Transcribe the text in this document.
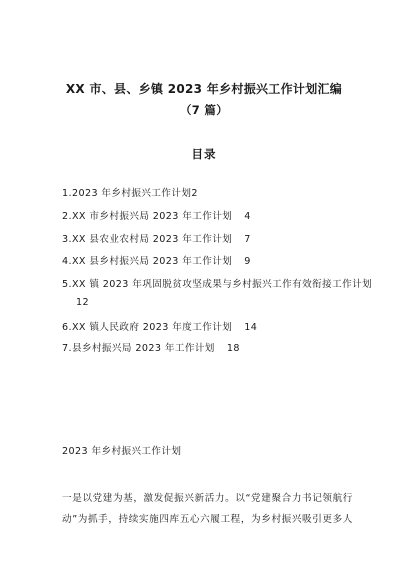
XX 市、县、乡镇 2023 年乡村振兴工作计划汇编
（7 篇）
目录
1.2023 年乡村振兴工作计划2
2.XX 市乡村振兴局 2023 年工作计划 4
3.XX 县农业农村局 2023 年工作计划 7
4.XX 县乡村振兴局 2023 年工作计划 9
5.XX 镇 2023 年巩固脱贫攻坚成果与乡村振兴工作有效衔接工作计划
12
6.XX 镇人民政府 2023 年度工作计划 14
7.县乡村振兴局 2023 年工作计划 18
2023 年乡村振兴工作计划
一是以党建为基，激发促振兴新活力。以“党建聚合力书记领航行
动”为抓手，持续实施四库五心六履工程，为乡村振兴吸引更多人
